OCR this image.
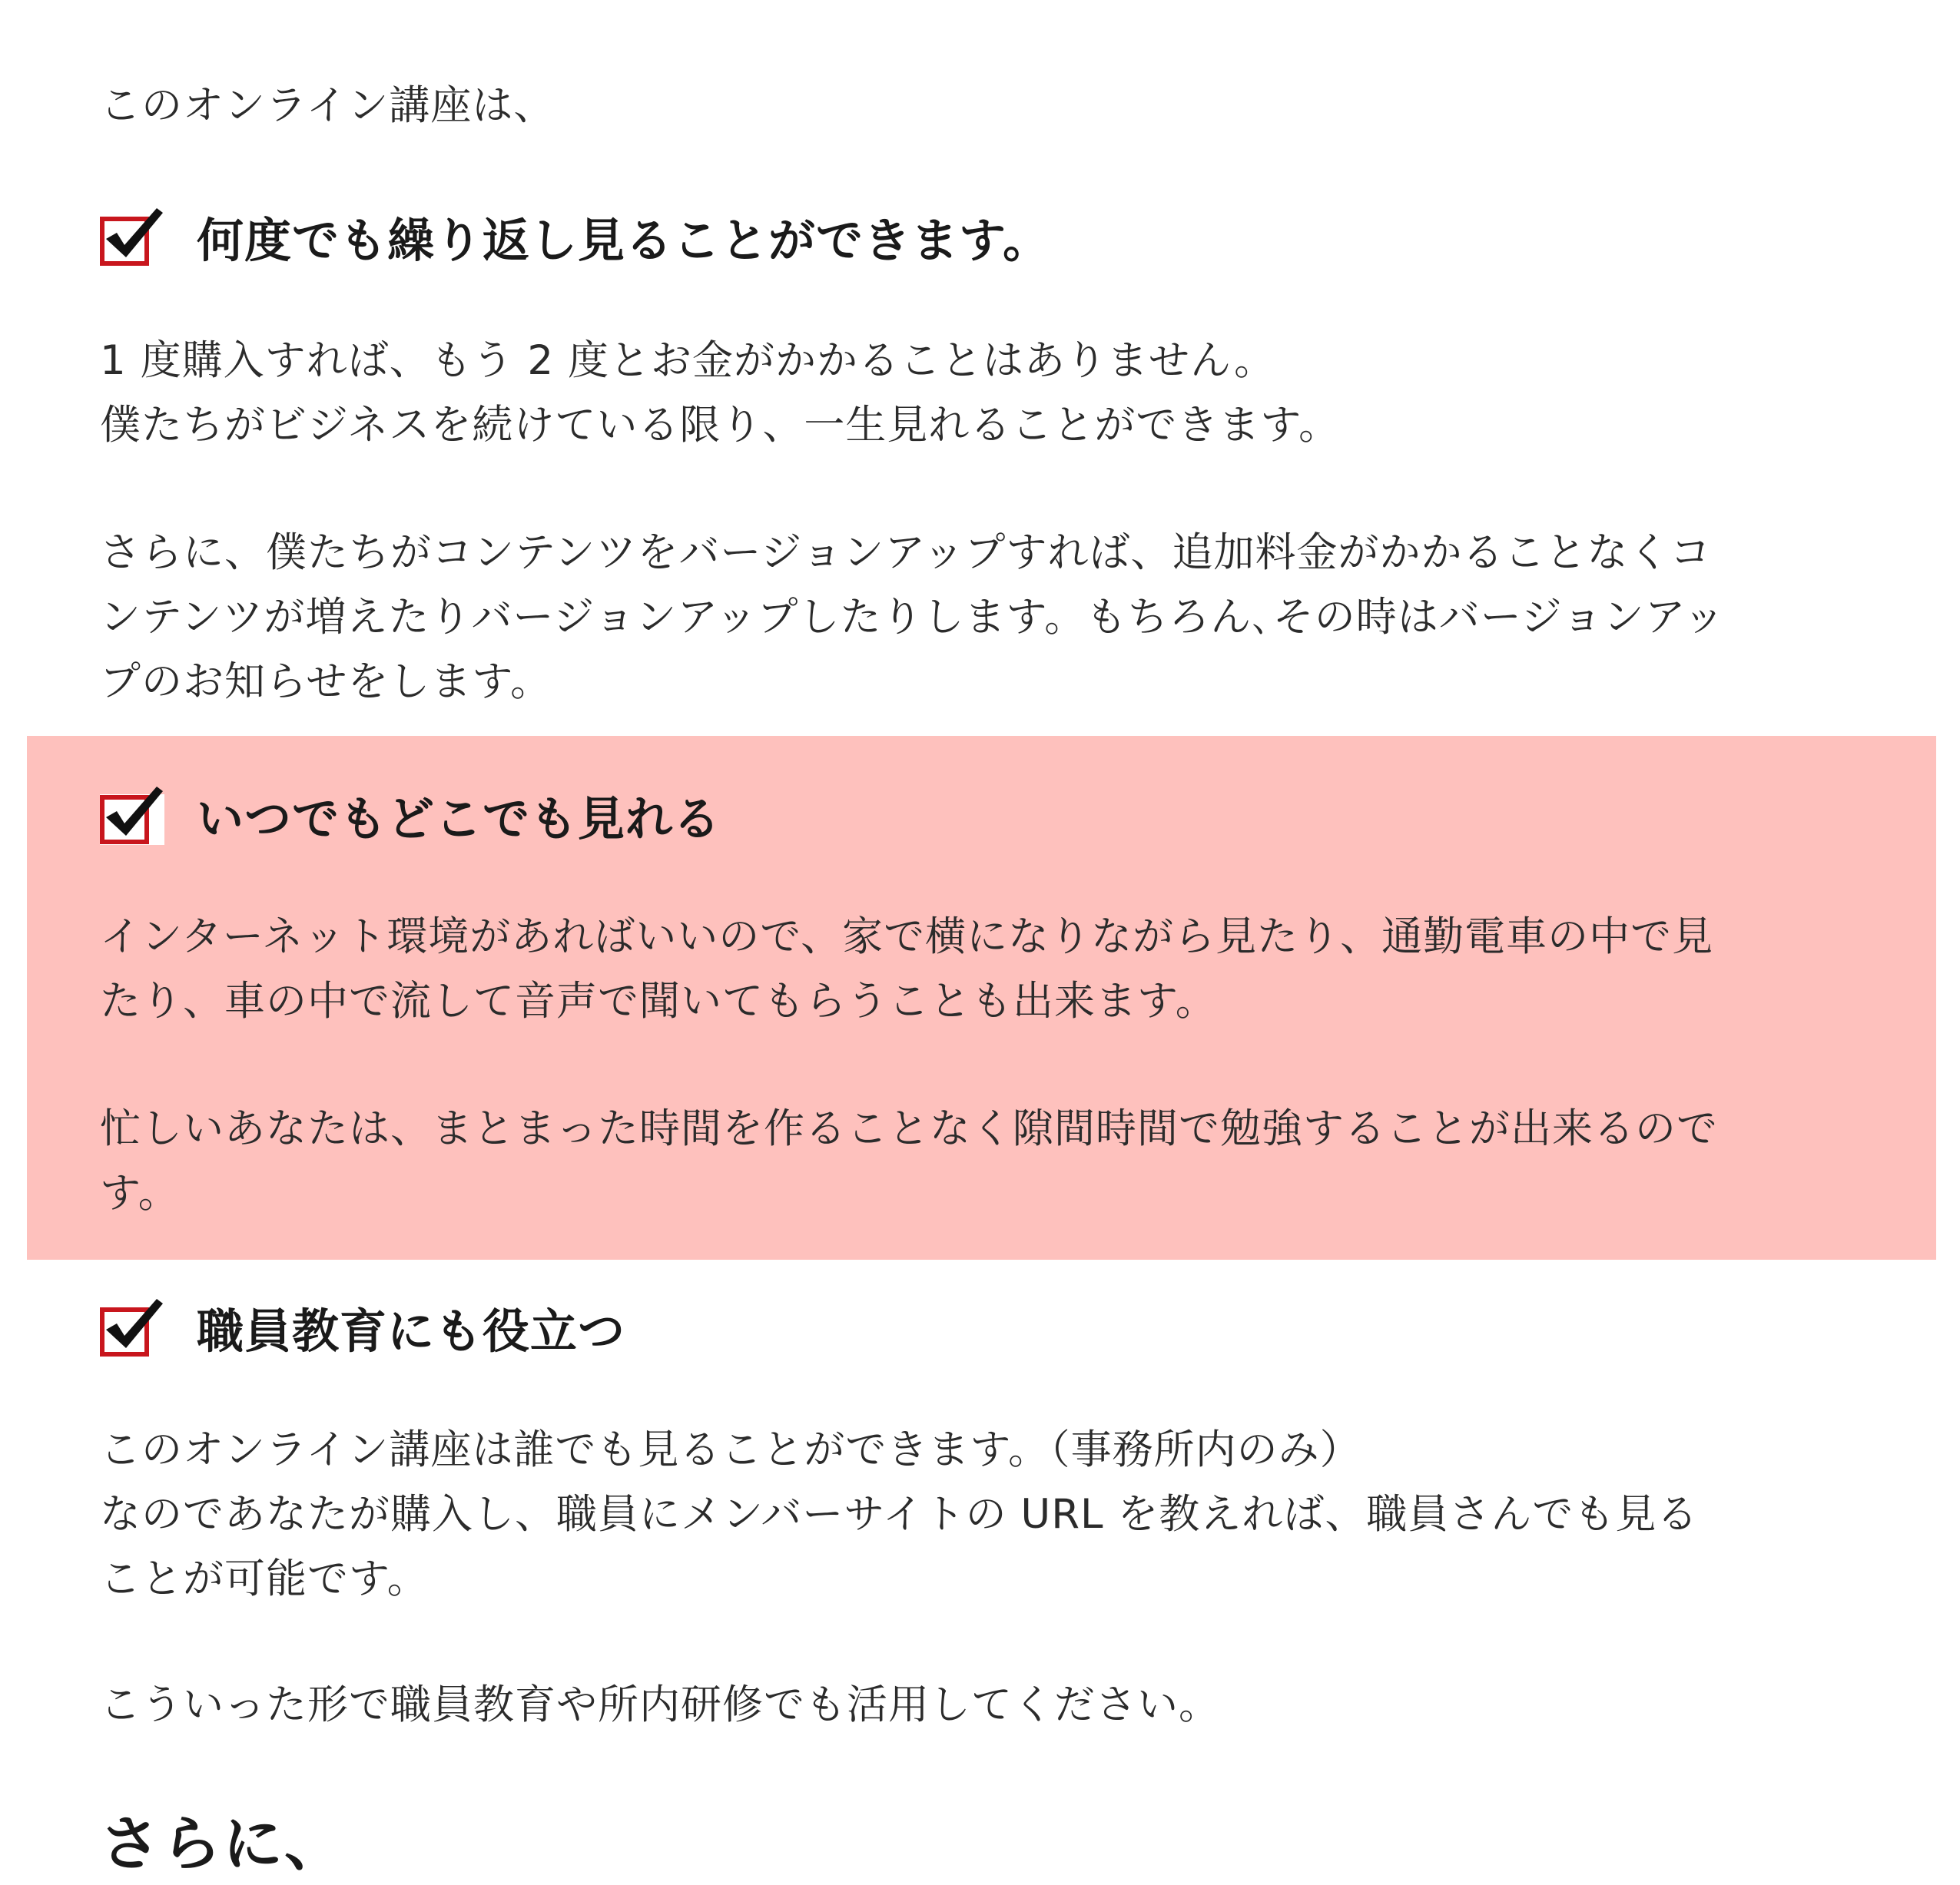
このオンライン講座は、

何度でも繰り返し見ることができます。

1 度購入すれば、もう 2 度とお金がかかることはありません。
僕たちがビジネスを続けている限り、一生見れることができます。

さらに、僕たちがコンテンツをバージョンアップすれば、追加料金がかかることなくコ
ンテンツが増えたりバージョンアップしたりします。もちろん､その時はバージョンアッ
プのお知らせをします。

いつでもどこでも見れる

インターネット環境があればいいので、家で横になりながら見たり、通勤電車の中で見
たり、車の中で流して音声で聞いてもらうことも出来ます。

忙しいあなたは、まとまった時間を作ることなく隙間時間で勉強することが出来るので
す。

職員教育にも役立つ

このオンライン講座は誰でも見ることができます。（事務所内のみ）
なのであなたが購入し、職員にメンバーサイトの URL を教えれば、職員さんでも見る
ことが可能です。

こういった形で職員教育や所内研修でも活用してください。

さらに、
